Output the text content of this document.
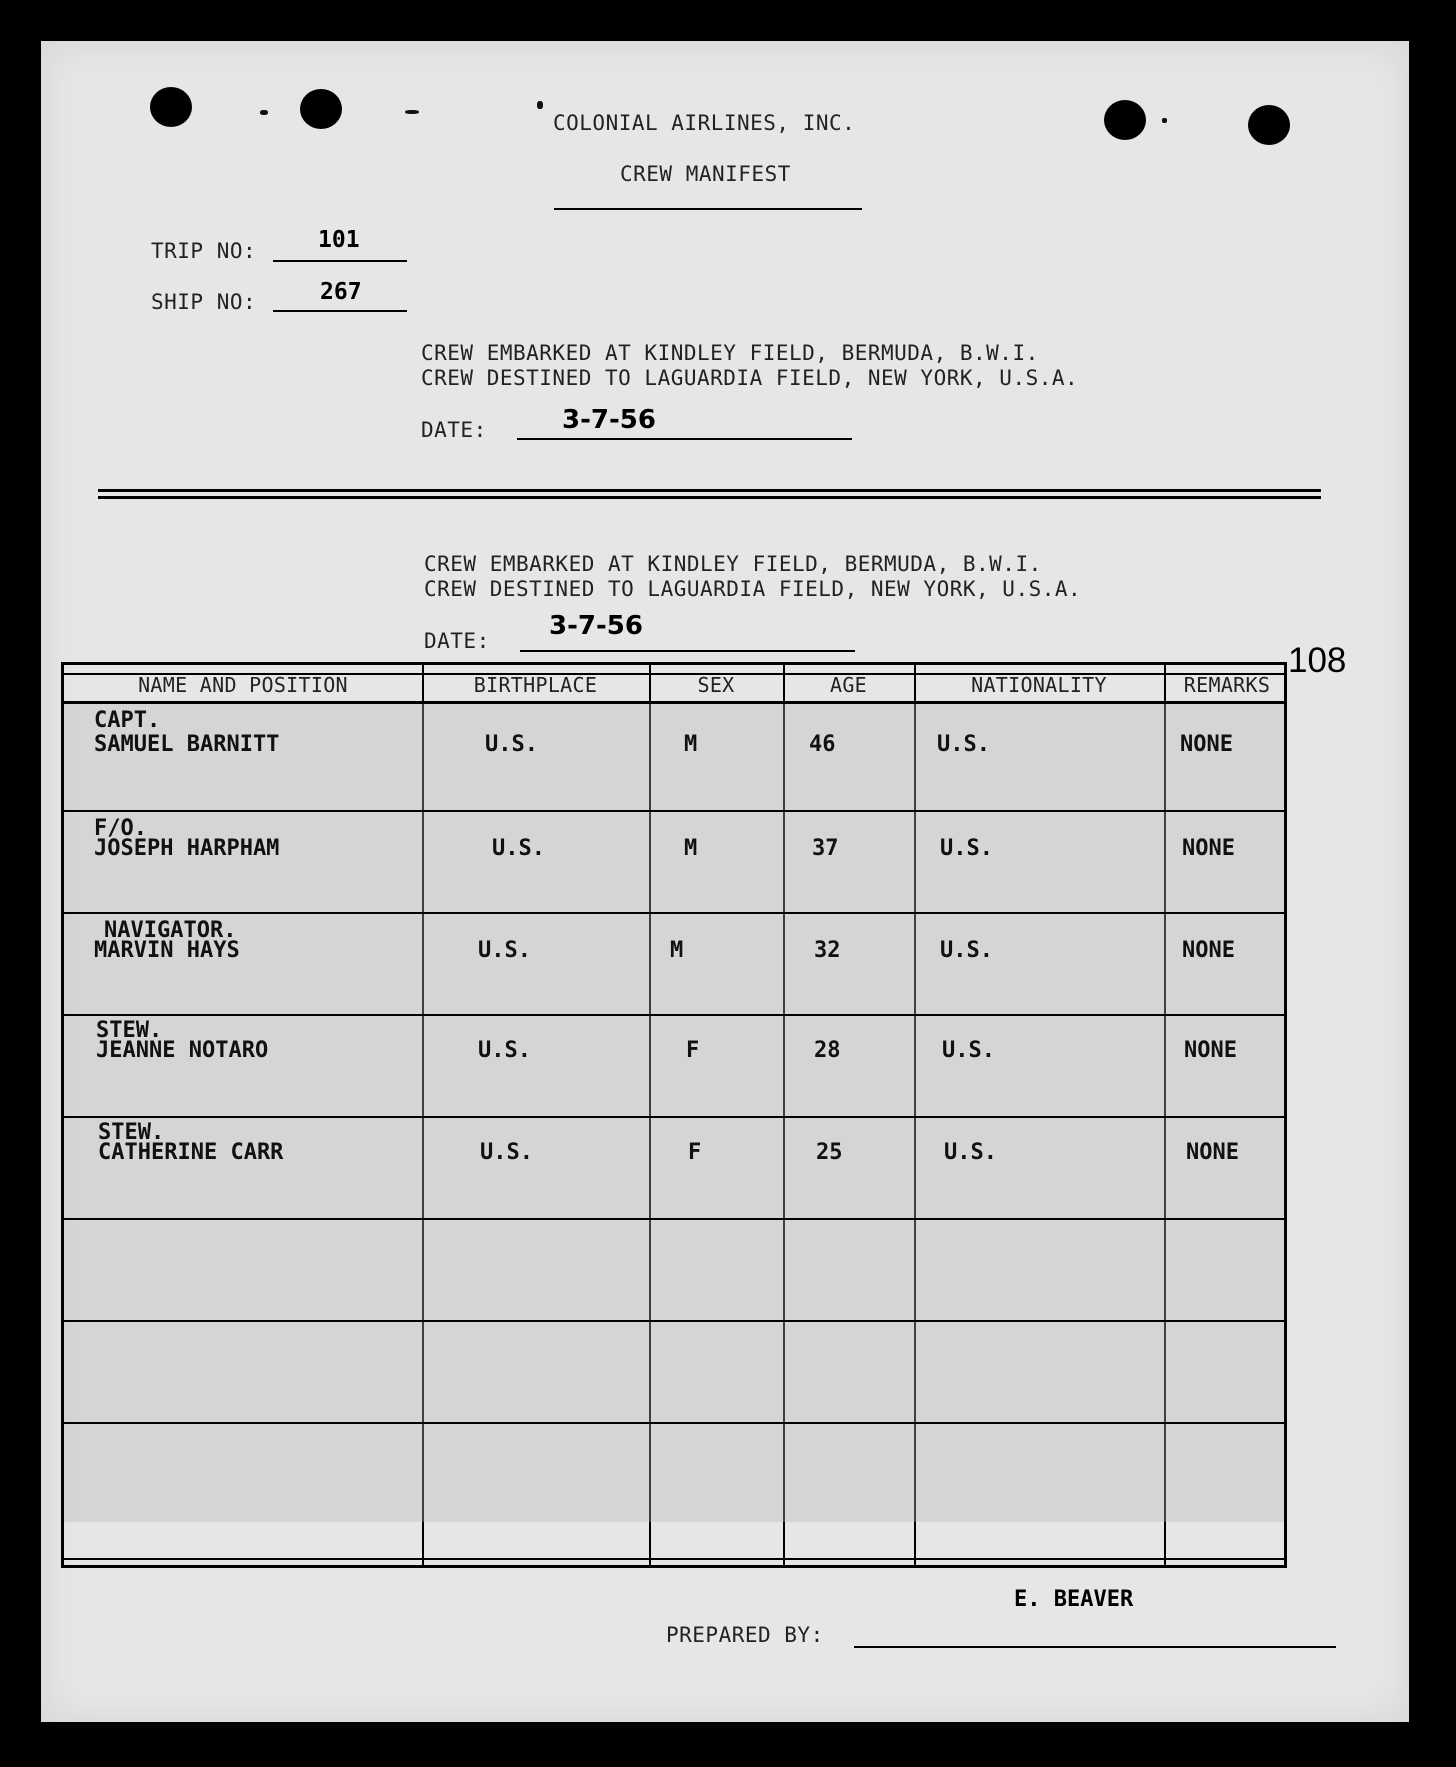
COLONIAL AIRLINES, INC.
CREW MANIFEST
TRIP NO:	101
SHIP NO:	267
CREW EMBARKED AT KINDLEY FIELD, BERMUDA, B.W.I.
CREW DESTINED TO LAGUARDIA FIELD, NEW YORK, U.S.A.
DATE:	3-7-56
CREW EMBARKED AT KINDLEY FIELD, BERMUDA, B.W.I.
CREW DESTINED TO LAGUARDIA FIELD, NEW YORK, U.S.A.
DATE: 3-7-56
108
NAME AND POSITION	BIRTHPLACE	SEX	AGE	NATIONALITY	REMARKS
CAPT.
SAMUEL BARNITT	U.S.	M	46	U.S.	NONE
F/O.
JOSEPH HARPHAM	U.S.	M	37	U.S.	NONE
NAVIGATOR.
MARVIN HAYS	U.S.	M	32	U.S.	NONE
STEW.
JEANNE NOTARO	U.S.	F	28	U.S.	NONE
STEW.
CATHERINE CARR	U.S.	F	25	U.S.	NONE
E. BEAVER
PREPARED BY:
